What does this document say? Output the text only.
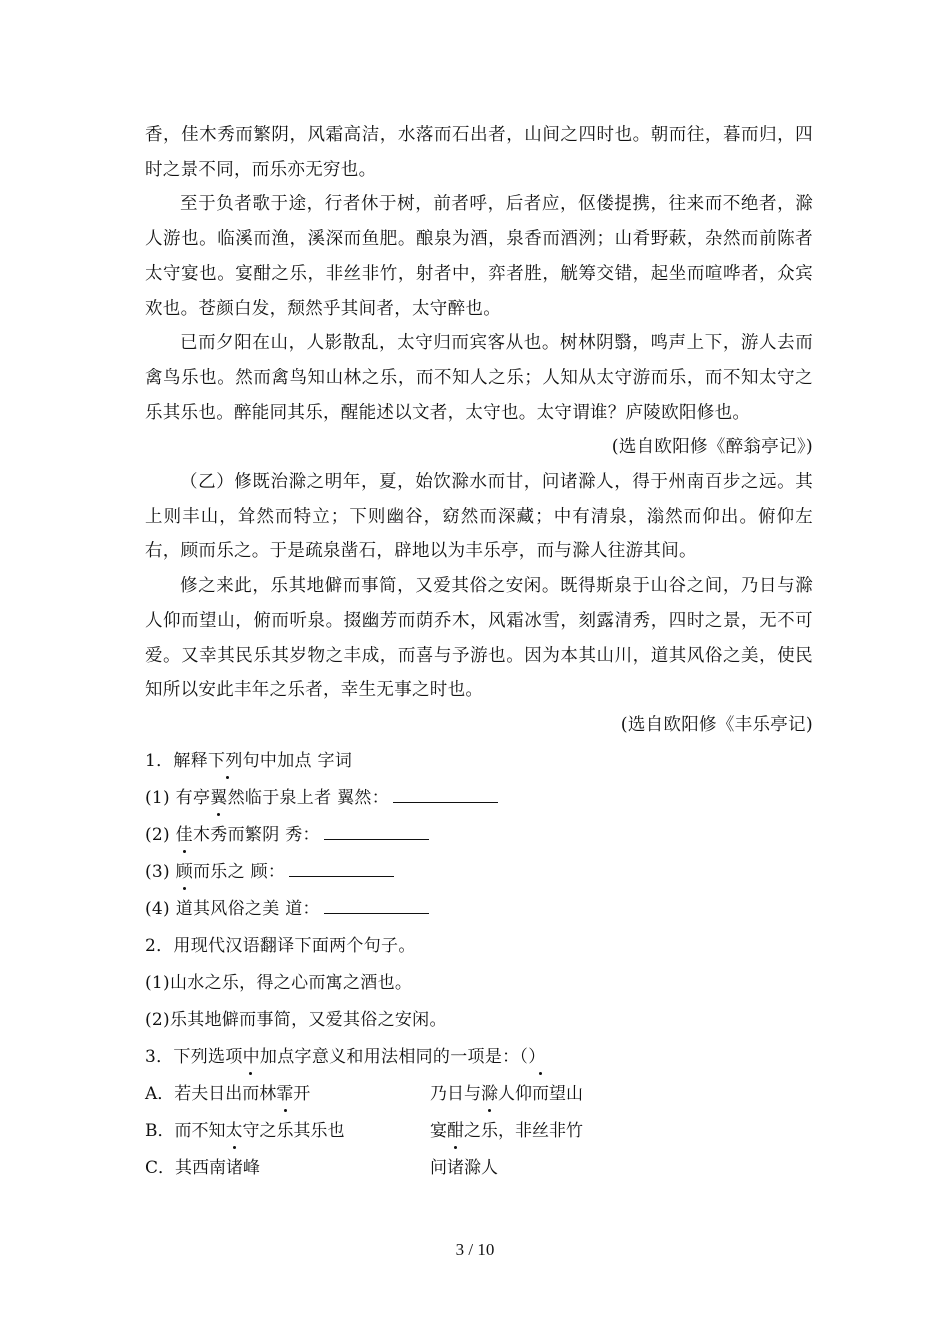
香，佳木秀而繁阴，风霜高洁，水落而石出者，山间之四时也。朝而往，暮而归，四时之景不同，而乐亦无穷也。

至于负者歌于途，行者休于树，前者呼，后者应，伛偻提携，往来而不绝者，滁人游也。临溪而渔，溪深而鱼肥。酿泉为酒，泉香而酒洌；山肴野蔌，杂然而前陈者太守宴也。宴酣之乐，非丝非竹，射者中，弈者胜，觥筹交错，起坐而喧哗者，众宾欢也。苍颜白发，颓然乎其间者，太守醉也。

已而夕阳在山，人影散乱，太守归而宾客从也。树林阴翳，鸣声上下，游人去而禽鸟乐也。然而禽鸟知山林之乐，而不知人之乐；人知从太守游而乐，而不知太守之乐其乐也。醉能同其乐，醒能述以文者，太守也。太守谓谁？庐陵欧阳修也。

(选自欧阳修《醉翁亭记》)

（乙）修既治滁之明年，夏，始饮滁水而甘，问诸滁人，得于州南百步之远。其上则丰山，耸然而特立；下则幽谷，窈然而深藏；中有清泉，滃然而仰出。俯仰左右，顾而乐之。于是疏泉凿石，辟地以为丰乐亭，而与滁人往游其间。

修之来此，乐其地僻而事简，又爱其俗之安闲。既得斯泉于山谷之间，乃日与滁人仰而望山，俯而听泉。掇幽芳而荫乔木，风霜冰雪，刻露清秀，四时之景，无不可爱。又幸其民乐其岁物之丰成，而喜与予游也。因为本其山川，道其风俗之美，使民知所以安此丰年之乐者，幸生无事之时也。

(选自欧阳修《丰乐亭记)

1．解释下列句中加点 字词

(1) 有亭翼然临于泉上者 翼然：

(2) 佳木秀而繁阴 秀：

(3) 顾而乐之 顾：

(4) 道其风俗之美 道：

2．用现代汉语翻译下面两个句子。

(1)山水之乐，得之心而寓之酒也。

(2)乐其地僻而事简，又爱其俗之安闲。

3．下列选项中加点字意义和用法相同的一项是：（）

A．若夫日出而林霏开	乃日与滁人仰而望山
B．而不知太守之乐其乐也	宴酣之乐，非丝非竹
C．其西南诸峰	问诸滁人
3 / 10
